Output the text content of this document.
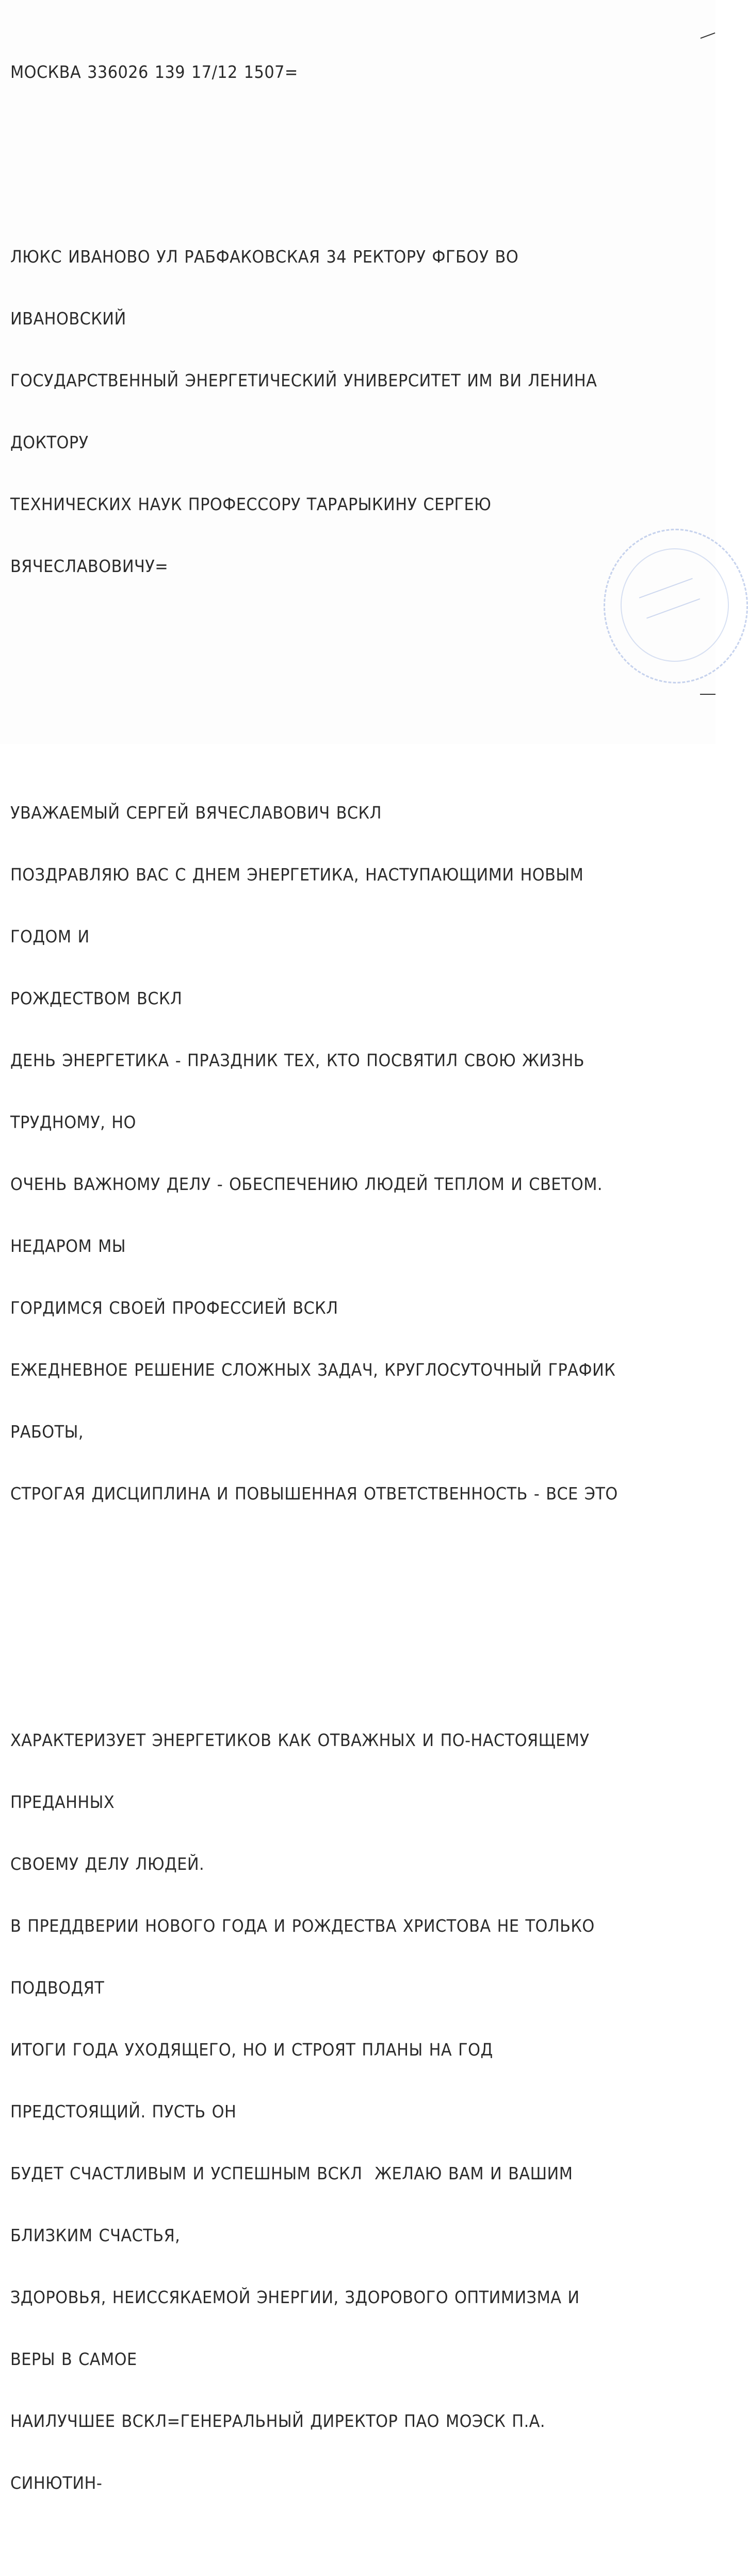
МОСКВА 336026 139 17/12 1507=

ЛЮКС ИВАНОВО УЛ РАБФАКОВСКАЯ 34 РЕКТОРУ ФГБОУ ВО

ИВАНОВСКИЙ

ГОСУДАРСТВЕННЫЙ ЭНЕРГЕТИЧЕСКИЙ УНИВЕРСИТЕТ ИМ ВИ ЛЕНИНА

ДОКТОРУ

ТЕХНИЧЕСКИХ НАУК ПРОФЕССОРУ ТАРАРЫКИНУ СЕРГЕЮ

ВЯЧЕСЛАВОВИЧУ=

УВАЖАЕМЫЙ СЕРГЕЙ ВЯЧЕСЛАВОВИЧ ВСКЛ

ПОЗДРАВЛЯЮ ВАС С ДНЕМ ЭНЕРГЕТИКА, НАСТУПАЮЩИМИ НОВЫМ

ГОДОМ И

РОЖДЕСТВОМ ВСКЛ

ДЕНЬ ЭНЕРГЕТИКА - ПРАЗДНИК ТЕХ, КТО ПОСВЯТИЛ СВОЮ ЖИЗНЬ

ТРУДНОМУ, НО

ОЧЕНЬ ВАЖНОМУ ДЕЛУ - ОБЕСПЕЧЕНИЮ ЛЮДЕЙ ТЕПЛОМ И СВЕТОМ.

НЕДАРОМ МЫ

ГОРДИМСЯ СВОЕЙ ПРОФЕССИЕЙ ВСКЛ

ЕЖЕДНЕВНОЕ РЕШЕНИЕ СЛОЖНЫХ ЗАДАЧ, КРУГЛОСУТОЧНЫЙ ГРАФИК

РАБОТЫ,

СТРОГАЯ ДИСЦИПЛИНА И ПОВЫШЕННАЯ ОТВЕТСТВЕННОСТЬ - ВСЕ ЭТО

ХАРАКТЕРИЗУЕТ ЭНЕРГЕТИКОВ КАК ОТВАЖНЫХ И ПО-НАСТОЯЩЕМУ

ПРЕДАННЫХ

СВОЕМУ ДЕЛУ ЛЮДЕЙ.

В ПРЕДДВЕРИИ НОВОГО ГОДА И РОЖДЕСТВА ХРИСТОВА НЕ ТОЛЬКО

ПОДВОДЯТ

ИТОГИ ГОДА УХОДЯЩЕГО, НО И СТРОЯТ ПЛАНЫ НА ГОД

ПРЕДСТОЯЩИЙ. ПУСТЬ ОН

БУДЕТ СЧАСТЛИВЫМ И УСПЕШНЫМ ВСКЛ  ЖЕЛАЮ ВАМ И ВАШИМ

БЛИЗКИМ СЧАСТЬЯ,

ЗДОРОВЬЯ, НЕИССЯКАЕМОЙ ЭНЕРГИИ, ЗДОРОВОГО ОПТИМИЗМА И

ВЕРЫ В САМОЕ

НАИЛУЧШЕЕ ВСКЛ=ГЕНЕРАЛЬНЫЙ ДИРЕКТОР ПАО МОЭСК П.А.

СИНЮТИН-
